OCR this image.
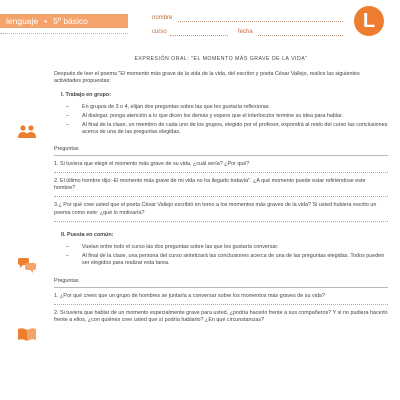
lenguaje • 5º básico	nombre
curso	fecha
L

EXPRESIÓN ORAL: "EL MOMENTO MÁS GRAVE DE LA VIDA"

Después de leer el poema "El momento más grave de la vida de la vida, del escritor y poeta César Vallejo, realice las siguientes actividades propuestas:

I. Trabajo en grupo:

– En grupos de 3 o 4, elijan dos preguntas sobre las que les gustaría reflexionar.

– Al dialogar, ponga atención a lo que dicen los demás y espere que el interlocutor termine su idea para hablar.

– Al final de la clase, un miembro de cada uno de los grupos, elegido por el profesor, expondrá al resto del curso las conclusiones acerca de una de las preguntas elegidas.

Preguntas

1. Si tuviera que elegir el momento más grave de su vida, ¿cuál sería? ¿Por qué?

2. El último hombre dijo:-El momento más grave de mi vida no ha llegado todavía". ¿A qué momento puede estar refiriéndose este hombre?

3.¿ Por qué cree usted que el poeta César Vallejo escribió en torno a los momentos más graves de la vida? Si usted hubiera escrito un poema como este: ¿qué lo motivaría?

II. Puesta en común:

– Vuelan entre todo el curso las dos preguntas sobre las que les gustaría conversar.

– Al final de la clase, una persona del curso sintetizará las conclusiones acerca de una de las preguntas elegidas. Todos pueden ser elegidos para realizar esta tarea.

Preguntas

1. ¿Por qué crees que un grupo de hombres se juntaría a conversar sobre los momentos más graves de su vida?

2. Si tuviera que hablar de un momento especialmente grave para usted, ¿podría hacerlo frente a sus compañeros? Y si no pudiera hacerlo frente a ellos, ¿con quiénes cree usted que sí podría hablarlo? ¿En qué circunstancias?
